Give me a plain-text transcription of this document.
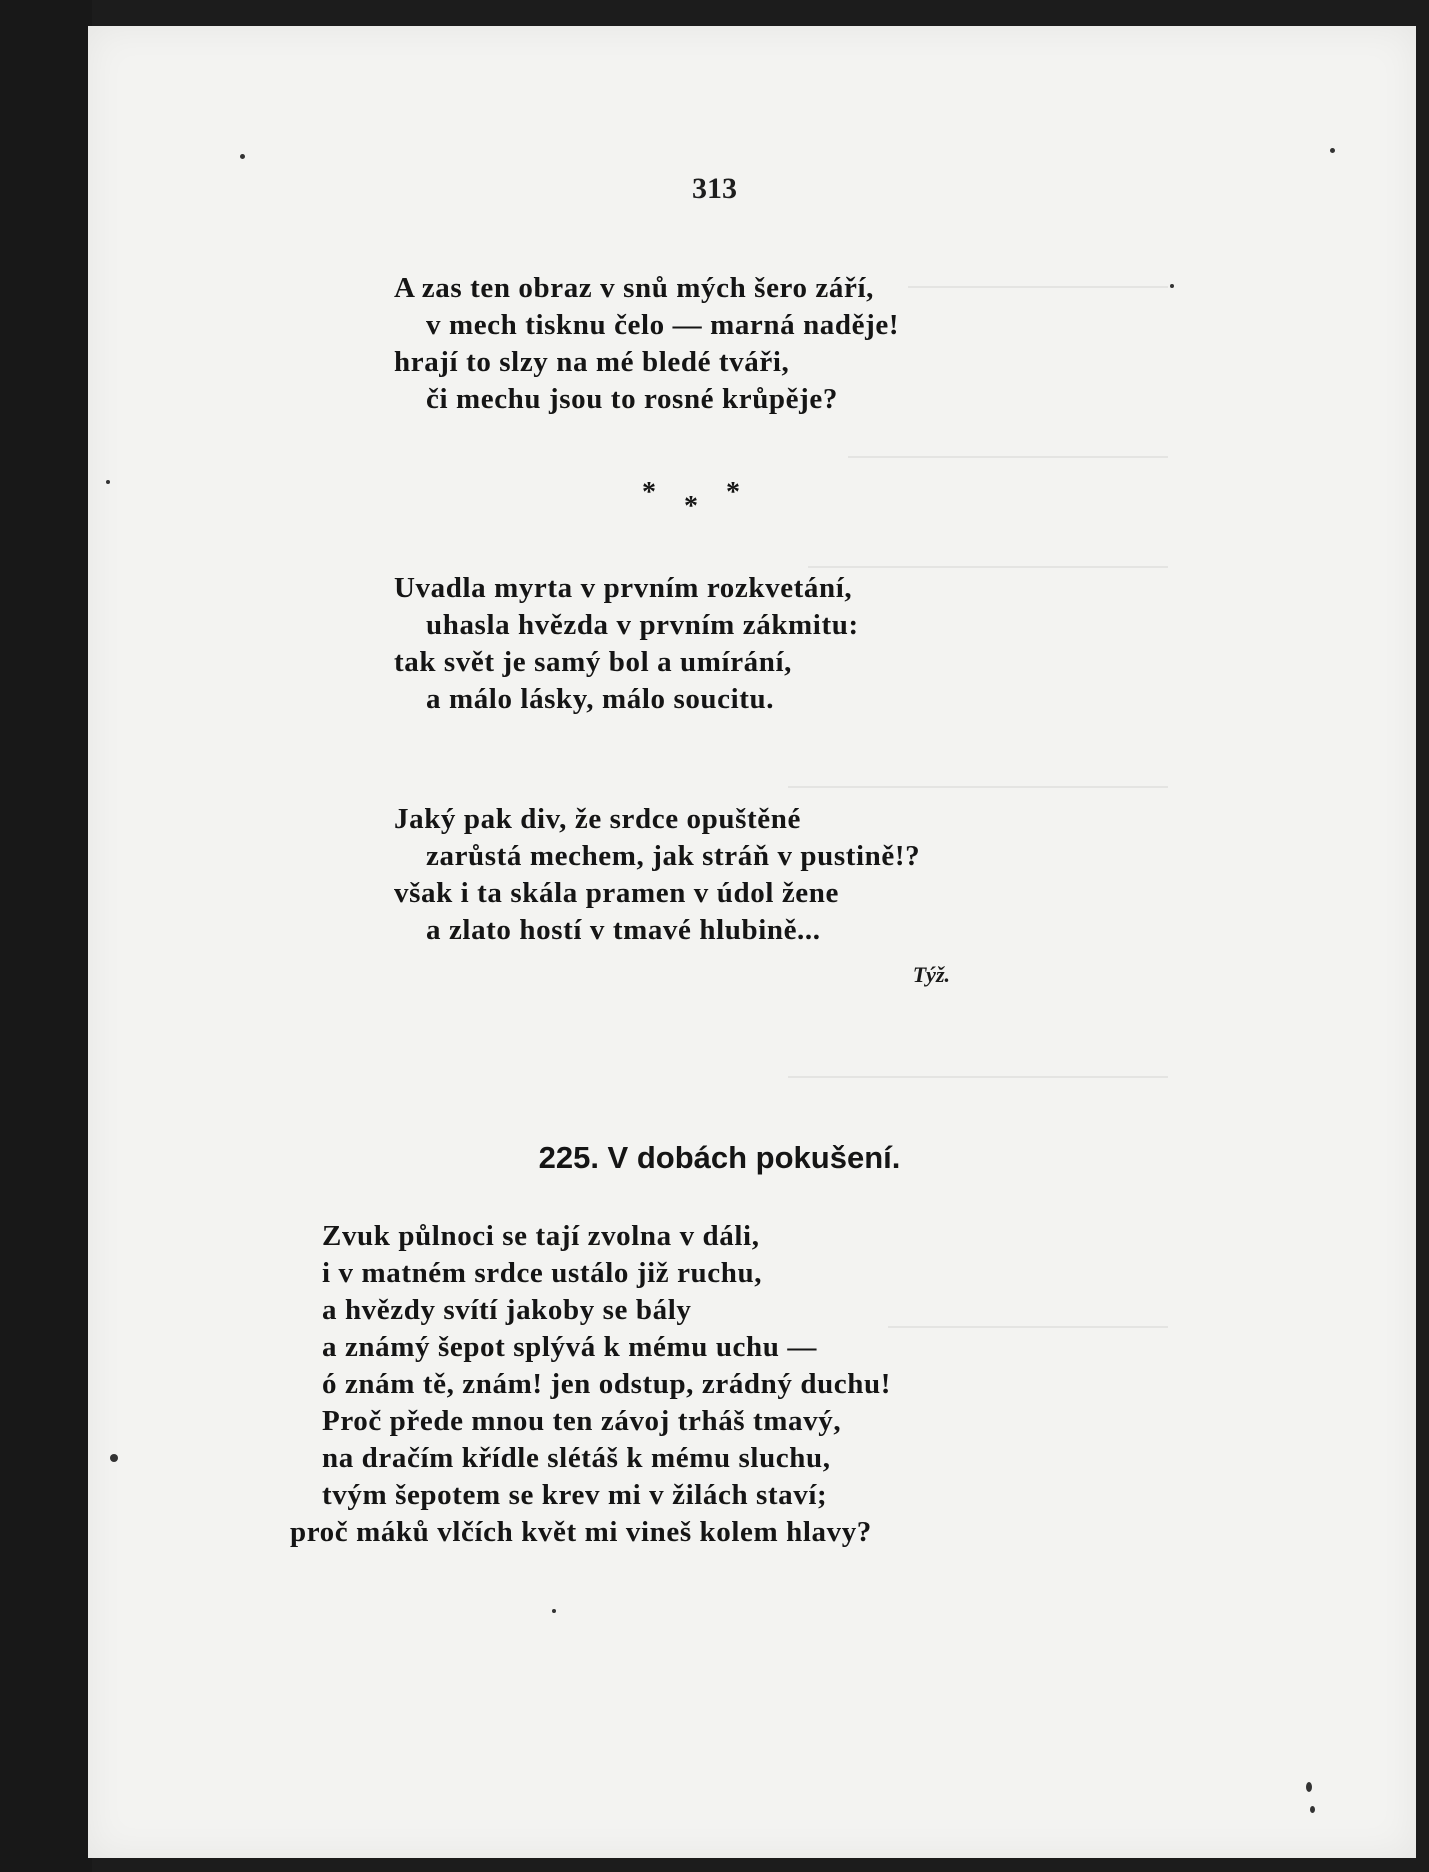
313
A zas ten obraz v snů mých šero září,
v mech tisknu čelo — marná naděje!
hrají to slzy na mé bledé tváři,
či mechu jsou to rosné krůpěje?
* * *
Uvadla myrta v prvním rozkvetání,
uhasla hvězda v prvním zákmitu:
tak svět je samý bol a umírání,
a málo lásky, málo soucitu.
Jaký pak div, že srdce opuštěné
zarůstá mechem, jak stráň v pustině!?
však i ta skála pramen v údol žene
a zlato hostí v tmavé hlubině...
Týž.
225. V dobách pokušení.
Zvuk půlnoci se tají zvolna v dáli,
i v matném srdce ustálo již ruchu,
a hvězdy svítí jakoby se bály
a známý šepot splývá k mému uchu —
ó znám tě, znám! jen odstup, zrádný duchu!
Proč přede mnou ten závoj trháš tmavý,
na dračím křídle slétáš k mému sluchu,
tvým šepotem se krev mi v žilách staví;
proč máků vlčích květ mi vineš kolem hlavy?
